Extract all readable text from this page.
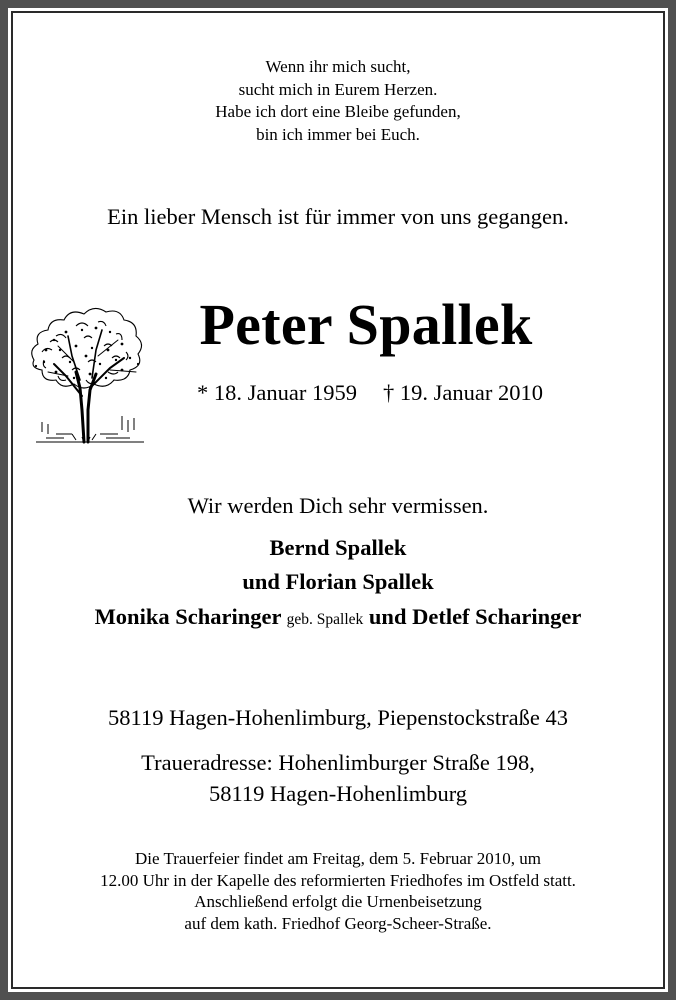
Wenn ihr mich sucht,
sucht mich in Eurem Herzen.
Habe ich dort eine Bleibe gefunden,
bin ich immer bei Euch.
Ein lieber Mensch ist für immer von uns gegangen.
Peter Spallek
* 18. Januar 1959 † 19. Januar 2010
Wir werden Dich sehr vermissen.
Bernd Spallek
und Florian Spallek
Monika Scharinger geb. Spallek und Detlef Scharinger
58119 Hagen-Hohenlimburg, Piepenstockstraße 43
Traueradresse: Hohenlimburger Straße 198,
58119 Hagen-Hohenlimburg
Die Trauerfeier findet am Freitag, dem 5. Februar 2010, um
12.00 Uhr in der Kapelle des reformierten Friedhofes im Ostfeld statt.
Anschließend erfolgt die Urnenbeisetzung
auf dem kath. Friedhof Georg-Scheer-Straße.
